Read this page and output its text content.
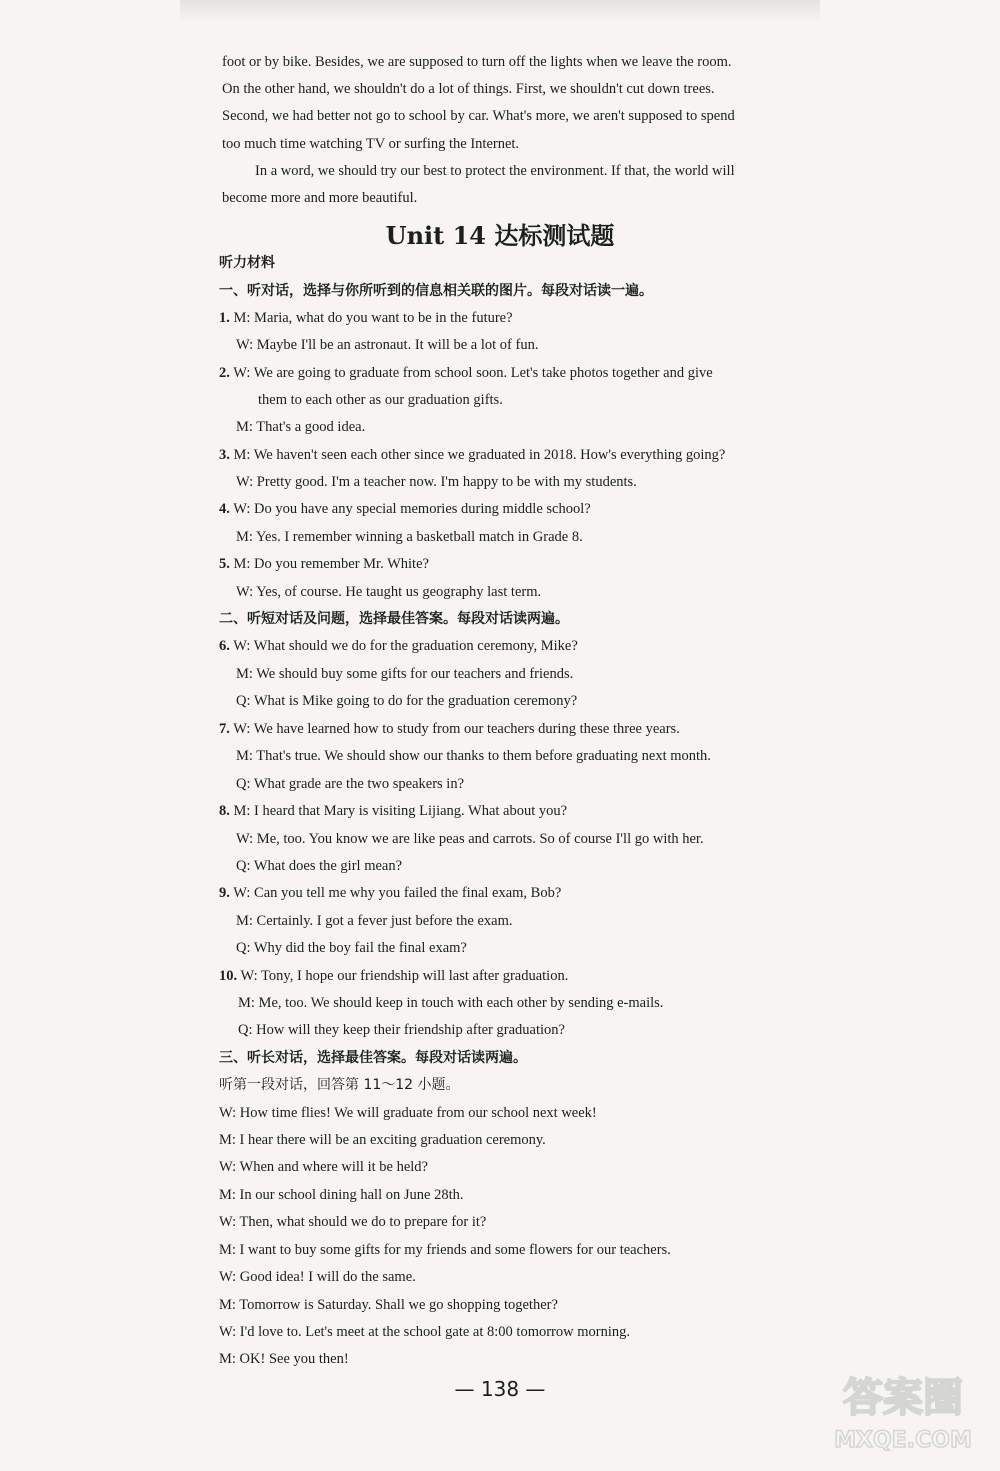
foot or by bike. Besides, we are supposed to turn off the lights when we leave the room.
On the other hand, we shouldn't do a lot of things. First, we shouldn't cut down trees.
Second, we had better not go to school by car. What's more, we aren't supposed to spend
too much time watching TV or surfing the Internet.
In a word, we should try our best to protect the environment. If that, the world will
become more and more beautiful.
Unit 14 达标测试题
听力材料
一、听对话，选择与你所听到的信息相关联的图片。每段对话读一遍。
1. M: Maria, what do you want to be in the future?
W: Maybe I'll be an astronaut. It will be a lot of fun.
2. W: We are going to graduate from school soon. Let's take photos together and give
them to each other as our graduation gifts.
M: That's a good idea.
3. M: We haven't seen each other since we graduated in 2018. How's everything going?
W: Pretty good. I'm a teacher now. I'm happy to be with my students.
4. W: Do you have any special memories during middle school?
M: Yes. I remember winning a basketball match in Grade 8.
5. M: Do you remember Mr. White?
W: Yes, of course. He taught us geography last term.
二、听短对话及问题，选择最佳答案。每段对话读两遍。
6. W: What should we do for the graduation ceremony, Mike?
M: We should buy some gifts for our teachers and friends.
Q: What is Mike going to do for the graduation ceremony?
7. W: We have learned how to study from our teachers during these three years.
M: That's true. We should show our thanks to them before graduating next month.
Q: What grade are the two speakers in?
8. M: I heard that Mary is visiting Lijiang. What about you?
W: Me, too. You know we are like peas and carrots. So of course I'll go with her.
Q: What does the girl mean?
9. W: Can you tell me why you failed the final exam, Bob?
M: Certainly. I got a fever just before the exam.
Q: Why did the boy fail the final exam?
10. W: Tony, I hope our friendship will last after graduation.
M: Me, too. We should keep in touch with each other by sending e-mails.
Q: How will they keep their friendship after graduation?
三、听长对话，选择最佳答案。每段对话读两遍。
听第一段对话，回答第 11～12 小题。
W: How time flies! We will graduate from our school next week!
M: I hear there will be an exciting graduation ceremony.
W: When and where will it be held?
M: In our school dining hall on June 28th.
W: Then, what should we do to prepare for it?
M: I want to buy some gifts for my friends and some flowers for our teachers.
W: Good idea! I will do the same.
M: Tomorrow is Saturday. Shall we go shopping together?
W: I'd love to. Let's meet at the school gate at 8:00 tomorrow morning.
M: OK! See you then!
— 138 —	答案圈
MXQE.COM
